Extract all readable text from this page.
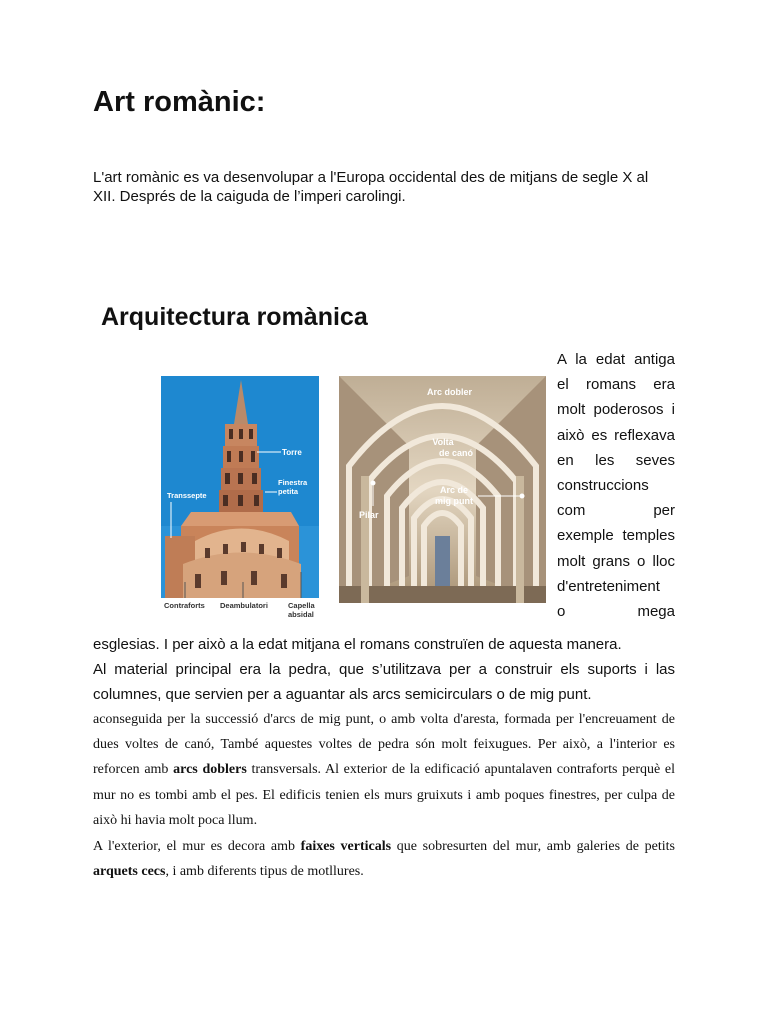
Art romànic:

L'art romànic es va desenvolupar a l'Europa occidental des de mitjans de segle X al XII. Després de la caiguda de l’imperi carolingi.

Arquitectura romànica
Torre
Finestra
petita
Transsepte
Contraforts Deambulatori	Capella
absidal
Arc dobler
Volta
de canó
Arc de
mig punt
Pilar
A la edat antiga
el romans era
molt poderosos i
això es reflexava
en les seves
construccions
com per
exemple temples
molt grans o lloc
d'entreteniment
o mega

esglesias. I per això a la edat mitjana el romans construïen de aquesta manera.

Al material principal era la pedra, que s’utilitzava per a construir els suports i las columnes, que servien per a aguantar als arcs semicirculars o de mig punt.

aconseguida per la successió d'arcs de mig punt, o amb volta d'aresta, formada per l'encreuament de dues voltes de canó, També aquestes voltes de pedra són molt feixugues. Per això, a l'interior es reforcen amb arcs doblers transversals. Al exterior de la edificació apuntalaven contraforts perquè el mur no es tombi amb el pes. El edificis tenien els murs gruixuts i amb poques finestres, per culpa de això hi havia molt poca llum.

A l'exterior, el mur es decora amb faixes verticals que sobresurten del mur, amb galeries de petits arquets cecs, i amb diferents tipus de motllures.
